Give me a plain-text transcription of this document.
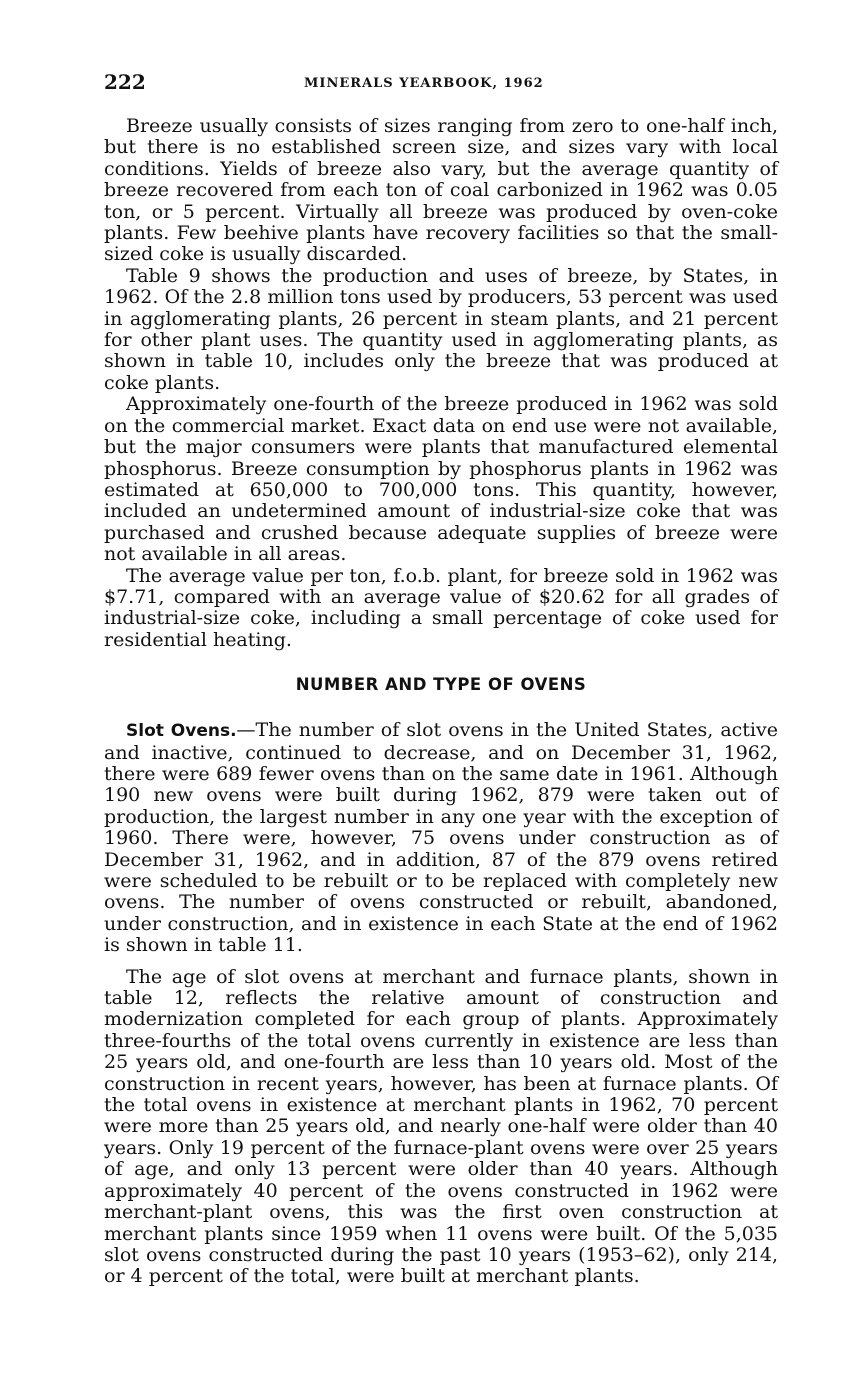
222	MINERALS YEARBOOK, 1962

Breeze usually consists of sizes ranging from zero to one-half inch, but there is no established screen size, and sizes vary with local conditions. Yields of breeze also vary, but the average quantity of breeze recovered from each ton of coal carbonized in 1962 was 0.05 ton, or 5 percent. Virtually all breeze was produced by oven-coke plants. Few beehive plants have recovery facilities so that the small-sized coke is usually discarded.

Table 9 shows the production and uses of breeze, by States, in 1962. Of the 2.8 million tons used by producers, 53 percent was used in agglomerating plants, 26 percent in steam plants, and 21 percent for other plant uses. The quantity used in agglomerating plants, as shown in table 10, includes only the breeze that was produced at coke plants.

Approximately one-fourth of the breeze produced in 1962 was sold on the commercial market. Exact data on end use were not available, but the major consumers were plants that manufactured elemental phosphorus. Breeze consumption by phosphorus plants in 1962 was estimated at 650,000 to 700,000 tons. This quantity, however, included an undetermined amount of industrial-size coke that was purchased and crushed because adequate supplies of breeze were not available in all areas.

The average value per ton, f.o.b. plant, for breeze sold in 1962 was $7.71, compared with an average value of $20.62 for all grades of industrial-size coke, including a small percentage of coke used for residential heating.

NUMBER AND TYPE OF OVENS

Slot Ovens.—The number of slot ovens in the United States, active and inactive, continued to decrease, and on December 31, 1962, there were 689 fewer ovens than on the same date in 1961. Although 190 new ovens were built during 1962, 879 were taken out of production, the largest number in any one year with the exception of 1960. There were, however, 75 ovens under construction as of December 31, 1962, and in addition, 87 of the 879 ovens retired were scheduled to be rebuilt or to be replaced with completely new ovens. The number of ovens constructed or rebuilt, abandoned, under construction, and in existence in each State at the end of 1962 is shown in table 11.

The age of slot ovens at merchant and furnace plants, shown in table 12, reflects the relative amount of construction and modernization completed for each group of plants. Approximately three-fourths of the total ovens currently in existence are less than 25 years old, and one-fourth are less than 10 years old. Most of the construction in recent years, however, has been at furnace plants. Of the total ovens in existence at merchant plants in 1962, 70 percent were more than 25 years old, and nearly one-half were older than 40 years. Only 19 percent of the furnace-plant ovens were over 25 years of age, and only 13 percent were older than 40 years. Although approximately 40 percent of the ovens constructed in 1962 were merchant-plant ovens, this was the first oven construction at merchant plants since 1959 when 11 ovens were built. Of the 5,035 slot ovens constructed during the past 10 years (1953–62), only 214, or 4 percent of the total, were built at merchant plants.
